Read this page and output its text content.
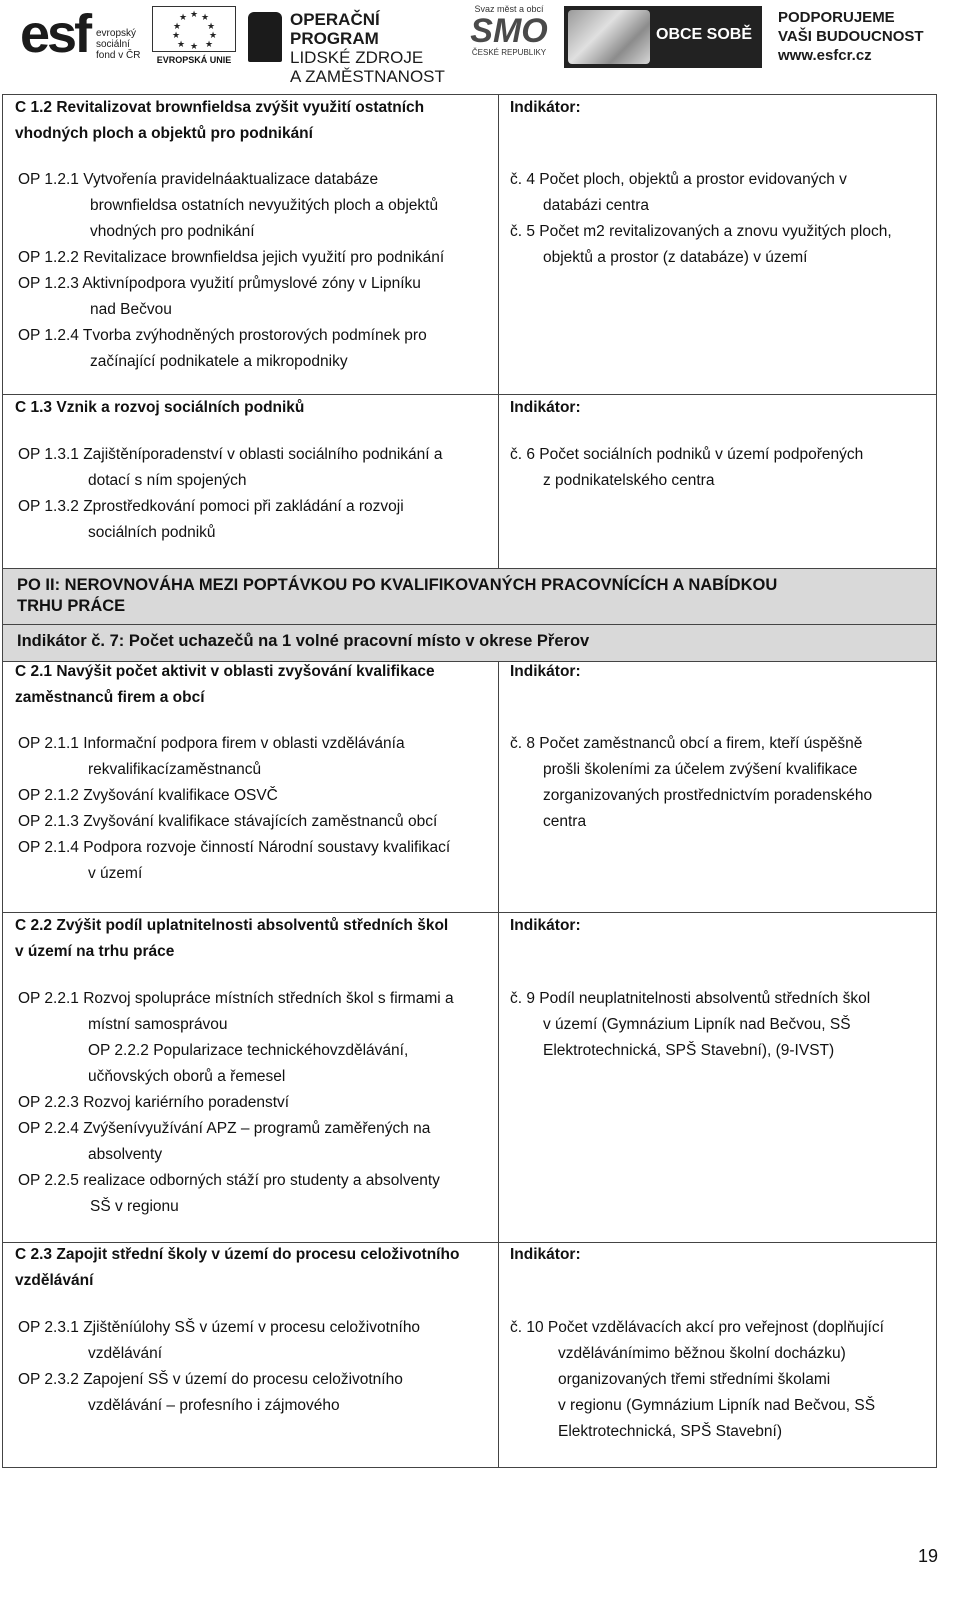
esf evropský
sociální
fond v ČR
★ ★
★
★
★
★
★
★
★
★
EVROPSKÁ UNIE
OPERAČNÍ PROGRAM
LIDSKÉ ZDROJE
A ZAMĚSTNANOST
Svaz měst a obcí
SMO
ČESKÉ REPUBLIKY
OBCE SOBĚ
PODPORUJEME
VAŠI BUDOUCNOST
www.esfcr.cz
C 1.2 Revitalizovat brownfieldsa zvýšit využití ostatních
vhodných ploch a objektů pro podnikání
Indikátor:
OP 1.2.1 Vytvořenía pravidelnáaktualizace databáze
brownfieldsa ostatních nevyužitých ploch a objektů
vhodných pro podnikání
OP 1.2.2 Revitalizace brownfieldsa jejich využití pro podnikání
OP 1.2.3 Aktivnípodpora využití průmyslové zóny v Lipníku
nad Bečvou
OP 1.2.4 Tvorba zvýhodněných prostorových podmínek pro
začínající podnikatele a mikropodniky
č. 4 Počet ploch, objektů a prostor evidovaných v
databázi centra
č. 5 Počet m2 revitalizovaných a znovu využitých ploch,
objektů a prostor (z databáze) v území
C 1.3 Vznik a rozvoj sociálních podniků	Indikátor:
OP 1.3.1 Zajištěníporadenství v oblasti sociálního podnikání a
dotací s ním spojených
OP 1.3.2 Zprostředkování pomoci při zakládání a rozvoji
sociálních podniků
č. 6 Počet sociálních podniků v území podpořených
z podnikatelského centra
PO II: NEROVNOVÁHA MEZI POPTÁVKOU PO KVALIFIKOVANÝCH PRACOVNÍCÍCH A NABÍDKOU
TRHU PRÁCE
Indikátor č. 7: Počet uchazečů na 1 volné pracovní místo v okrese Přerov
C 2.1 Navýšit počet aktivit v oblasti zvyšování kvalifikace
zaměstnanců firem a obcí
Indikátor:
OP 2.1.1 Informační podpora firem v oblasti vzdělávánía
rekvalifikacízaměstnanců
OP 2.1.2 Zvyšování kvalifikace OSVČ
OP 2.1.3 Zvyšování kvalifikace stávajících zaměstnanců obcí
OP 2.1.4 Podpora rozvoje činností Národní soustavy kvalifikací
v území
č. 8 Počet zaměstnanců obcí a firem, kteří úspěšně
prošli školeními za účelem zvýšení kvalifikace
zorganizovaných prostřednictvím poradenského
centra
C 2.2 Zvýšit podíl uplatnitelnosti absolventů středních škol
v území na trhu práce
Indikátor:
OP 2.2.1 Rozvoj spolupráce místních středních škol s firmami a
místní samosprávou
OP 2.2.2 Popularizace technickéhovzdělávání,
učňovských oborů a řemesel
OP 2.2.3 Rozvoj kariérního poradenství
OP 2.2.4 Zvýšenívyužívání APZ – programů zaměřených na
absolventy
OP 2.2.5 realizace odborných stáží pro studenty a absolventy
SŠ v regionu
č. 9 Podíl neuplatnitelnosti absolventů středních škol
v území (Gymnázium Lipník nad Bečvou, SŠ
Elektrotechnická, SPŠ Stavební), (9-IVST)
C 2.3 Zapojit střední školy v území do procesu celoživotního
vzdělávání
Indikátor:
OP 2.3.1 Zjištěníúlohy SŠ v území v procesu celoživotního
vzdělávání
OP 2.3.2 Zapojení SŠ v území do procesu celoživotního
vzdělávání – profesního i zájmového
č. 10 Počet vzdělávacích akcí pro veřejnost (doplňující
vzdělávánímimo běžnou školní docházku)
organizovaných třemi středními školami
v regionu (Gymnázium Lipník nad Bečvou, SŠ
Elektrotechnická, SPŠ Stavební)
19
